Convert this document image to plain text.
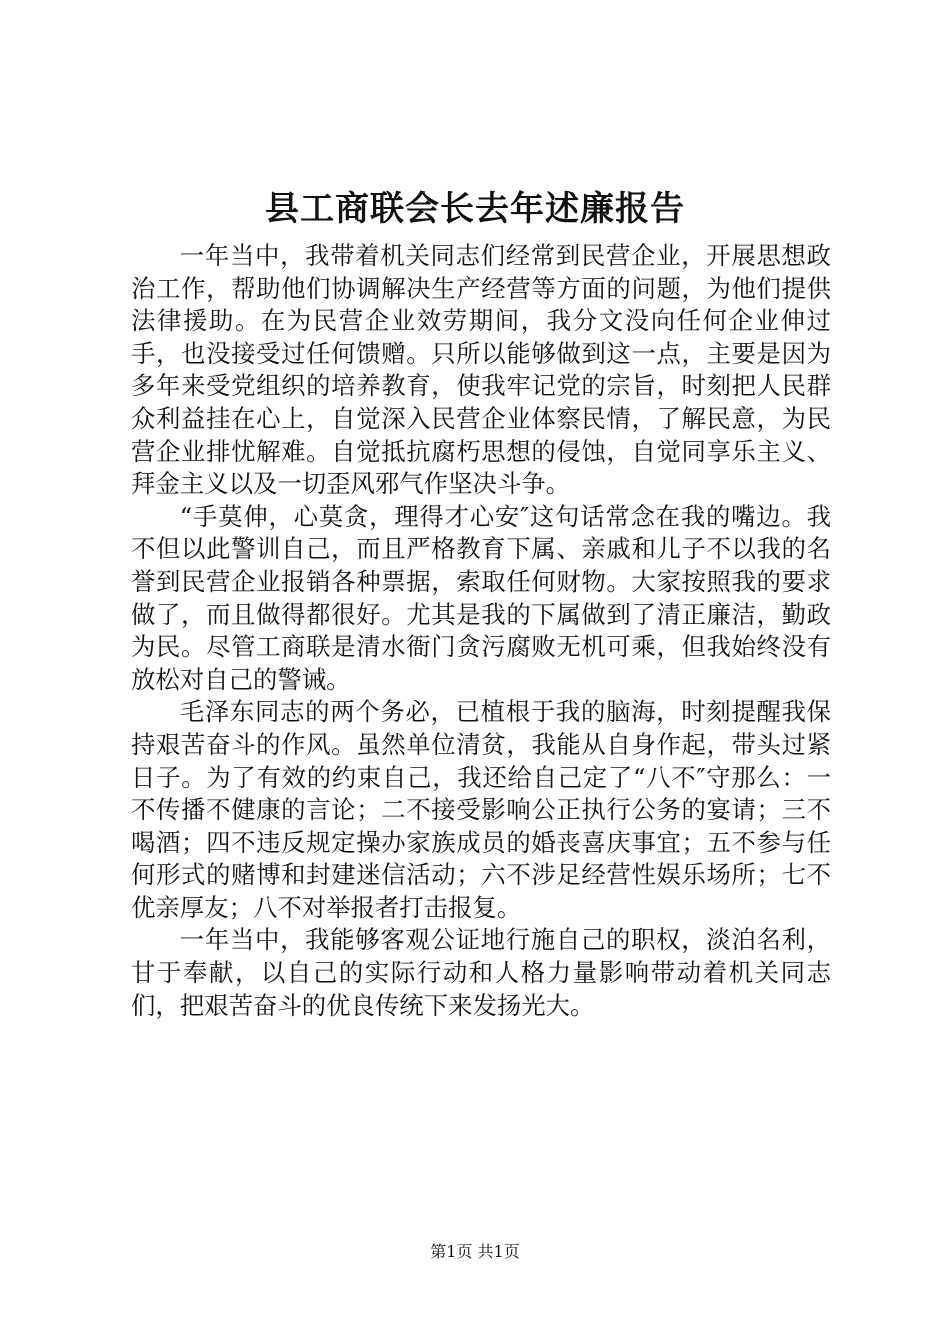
县工商联会长去年述廉报告

一年当中，我带着机关同志们经常到民营企业，开展思想政治工作，帮助他们协调解决生产经营等方面的问题，为他们提供法律援助。在为民营企业效劳期间，我分文没向任何企业伸过手，也没接受过任何馈赠。只所以能够做到这一点，主要是因为多年来受党组织的培养教育，使我牢记党的宗旨，时刻把人民群众利益挂在心上，自觉深入民营企业体察民情，了解民意，为民营企业排忧解难。自觉抵抗腐朽思想的侵蚀，自觉同享乐主义、拜金主义以及一切歪风邪气作坚决斗争。

“手莫伸，心莫贪，理得才心安″这句话常念在我的嘴边。我不但以此警训自己，而且严格教育下属、亲戚和儿子不以我的名誉到民营企业报销各种票据，索取任何财物。大家按照我的要求做了，而且做得都很好。尤其是我的下属做到了清正廉洁，勤政为民。尽管工商联是清水衙门贪污腐败无机可乘，但我始终没有放松对自己的警诫。

毛泽东同志的两个务必，已植根于我的脑海，时刻提醒我保持艰苦奋斗的作风。虽然单位清贫，我能从自身作起，带头过紧日子。为了有效的约束自己，我还给自己定了“八不″守那么：一不传播不健康的言论；二不接受影响公正执行公务的宴请；三不喝酒；四不违反规定操办家族成员的婚丧喜庆事宜；五不参与任何形式的赌博和封建迷信活动；六不涉足经营性娱乐场所；七不优亲厚友；八不对举报者打击报复。

一年当中，我能够客观公证地行施自己的职权，淡泊名利，甘于奉献，以自己的实际行动和人格力量影响带动着机关同志们，把艰苦奋斗的优良传统下来发扬光大。

第1页 共1页
